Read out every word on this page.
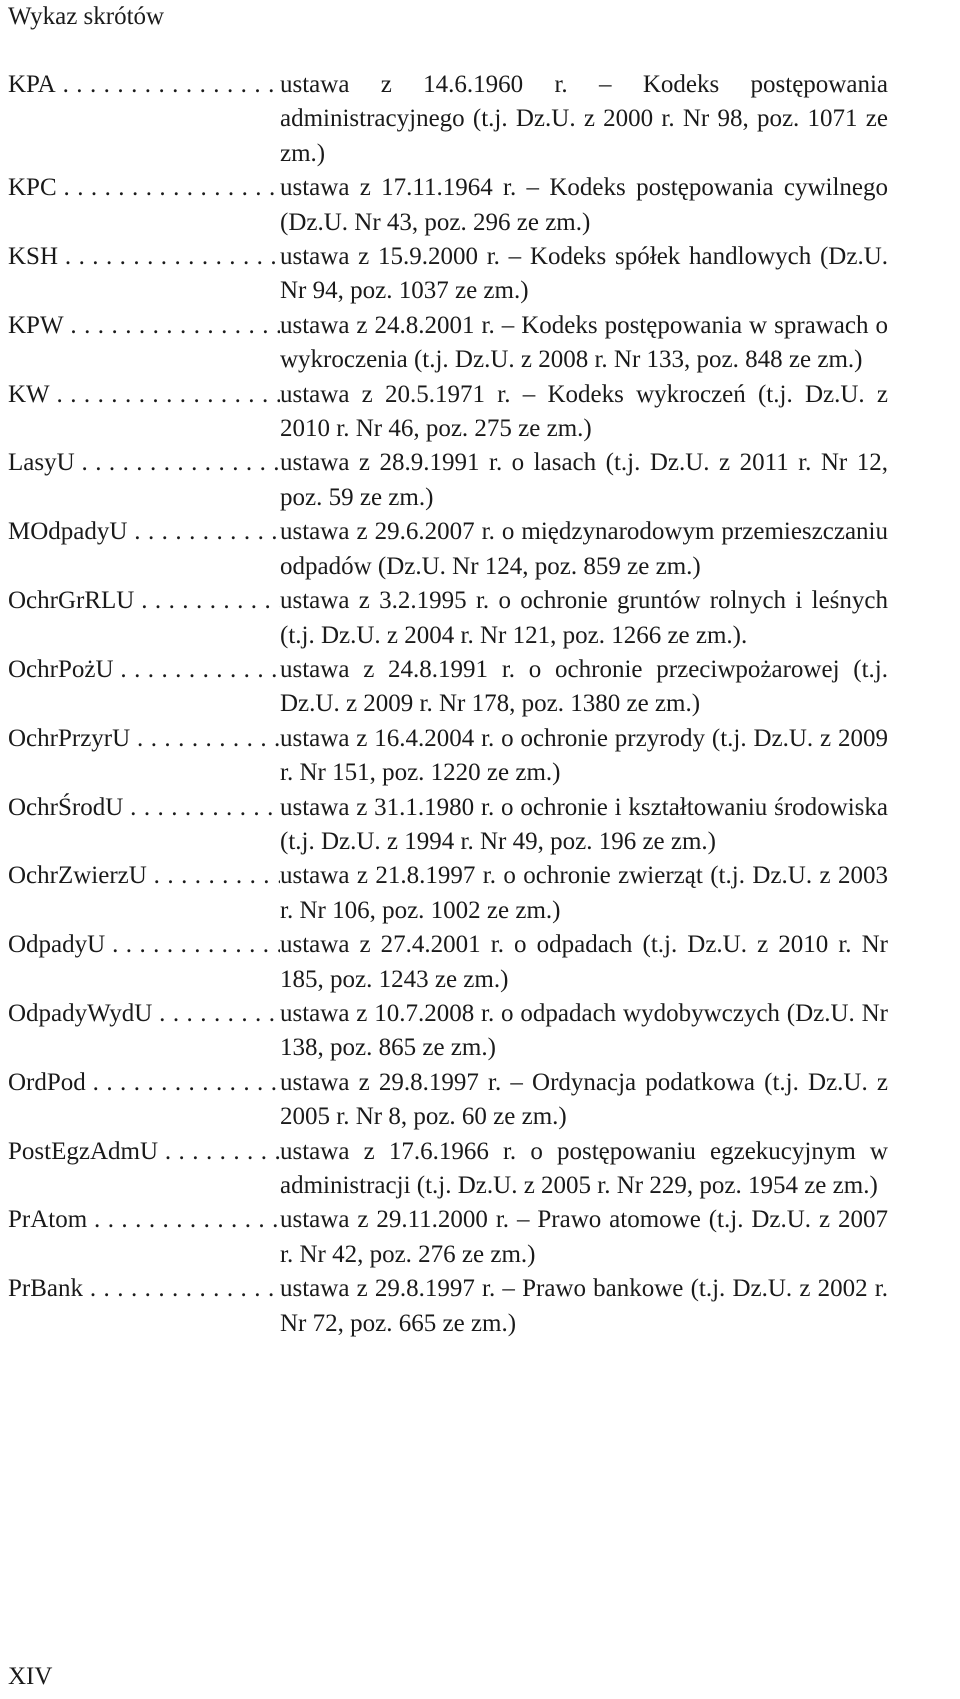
Wykaz skrótów
KPA . . .	ustawa z 14.6.1960 r. – Kodeks postępowania administracyjnego (t.j. Dz.U. z 2000 r. Nr 98, poz. 1071 ze zm.)
KPC . . .	ustawa z 17.11.1964 r. – Kodeks postępowania cywilnego (Dz.U. Nr 43, poz. 296 ze zm.)
KSH . . .	ustawa z 15.9.2000 r. – Kodeks spółek handlowych (Dz.U. Nr 94, poz. 1037 ze zm.)
KPW . . .	ustawa z 24.8.2001 r. – Kodeks postępowania w sprawach o wykroczenia (t.j. Dz.U. z 2008 r. Nr 133, poz. 848 ze zm.)
KW . . .	ustawa z 20.5.1971 r. – Kodeks wykroczeń (t.j. Dz.U. z 2010 r. Nr 46, poz. 275 ze zm.)
LasyU . . .	ustawa z 28.9.1991 r. o lasach (t.j. Dz.U. z 2011 r. Nr 12, poz. 59 ze zm.)
MOdpadyU . . .	ustawa z 29.6.2007 r. o międzynarodowym przemieszczaniu odpadów (Dz.U. Nr 124, poz. 859 ze zm.)
OchrGrRLU . . .	ustawa z 3.2.1995 r. o ochronie gruntów rolnych i leśnych (t.j. Dz.U. z 2004 r. Nr 121, poz. 1266 ze zm.).
OchrPożU . . .	ustawa z 24.8.1991 r. o ochronie przeciwpożarowej (t.j. Dz.U. z 2009 r. Nr 178, poz. 1380 ze zm.)
OchrPrzyrU . . .	ustawa z 16.4.2004 r. o ochronie przyrody (t.j. Dz.U. z 2009 r. Nr 151, poz. 1220 ze zm.)
OchrŚrodU . . .	ustawa z 31.1.1980 r. o ochronie i kształtowaniu środowiska (t.j. Dz.U. z 1994 r. Nr 49, poz. 196 ze zm.)
OchrZwierzU . . .	ustawa z 21.8.1997 r. o ochronie zwierząt (t.j. Dz.U. z 2003 r. Nr 106, poz. 1002 ze zm.)
OdpadyU . . .	ustawa z 27.4.2001 r. o odpadach (t.j. Dz.U. z 2010 r. Nr 185, poz. 1243 ze zm.)
OdpadyWydU . . .	ustawa z 10.7.2008 r. o odpadach wydobywczych (Dz.U. Nr 138, poz. 865 ze zm.)
OrdPod . . .	ustawa z 29.8.1997 r. – Ordynacja podatkowa (t.j. Dz.U. z 2005 r. Nr 8, poz. 60 ze zm.)
PostEgzAdmU . . .	ustawa z 17.6.1966 r. o postępowaniu egzekucyjnym w administracji (t.j. Dz.U. z 2005 r. Nr 229, poz. 1954 ze zm.)
PrAtom . . .	ustawa z 29.11.2000 r. – Prawo atomowe (t.j. Dz.U. z 2007 r. Nr 42, poz. 276 ze zm.)
PrBank . . .	ustawa z 29.8.1997 r. – Prawo bankowe (t.j. Dz.U. z 2002 r. Nr 72, poz. 665 ze zm.)
XIV
